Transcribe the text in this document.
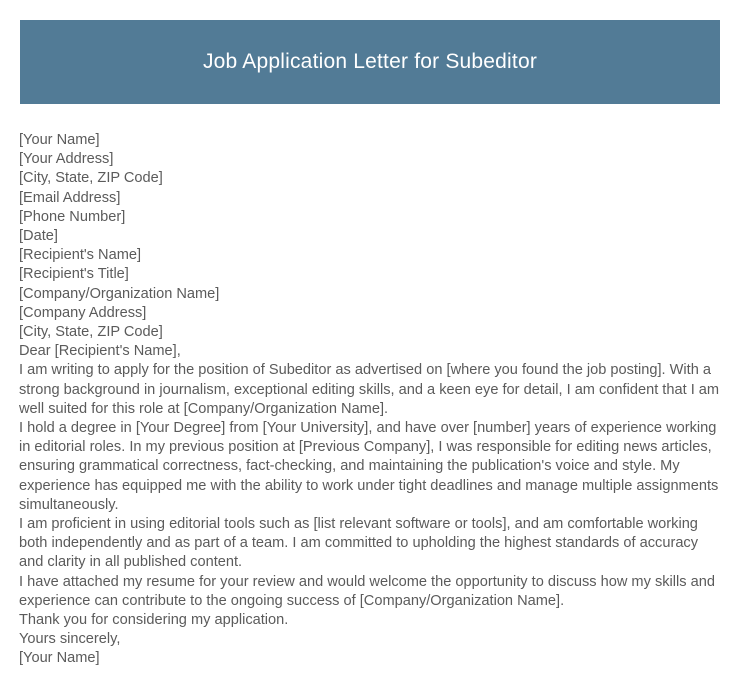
Job Application Letter for Subeditor
[Your Name]
[Your Address]
[City, State, ZIP Code]
[Email Address]
[Phone Number]
[Date]
[Recipient's Name]
[Recipient's Title]
[Company/Organization Name]
[Company Address]
[City, State, ZIP Code]
Dear [Recipient's Name],
I am writing to apply for the position of Subeditor as advertised on [where you found the job posting]. With a strong background in journalism, exceptional editing skills, and a keen eye for detail, I am confident that I am well suited for this role at [Company/Organization Name].
I hold a degree in [Your Degree] from [Your University], and have over [number] years of experience working in editorial roles. In my previous position at [Previous Company], I was responsible for editing news articles, ensuring grammatical correctness, fact-checking, and maintaining the publication's voice and style. My experience has equipped me with the ability to work under tight deadlines and manage multiple assignments simultaneously.
I am proficient in using editorial tools such as [list relevant software or tools], and am comfortable working both independently and as part of a team. I am committed to upholding the highest standards of accuracy and clarity in all published content.
I have attached my resume for your review and would welcome the opportunity to discuss how my skills and experience can contribute to the ongoing success of [Company/Organization Name].
Thank you for considering my application.
Yours sincerely,
[Your Name]
